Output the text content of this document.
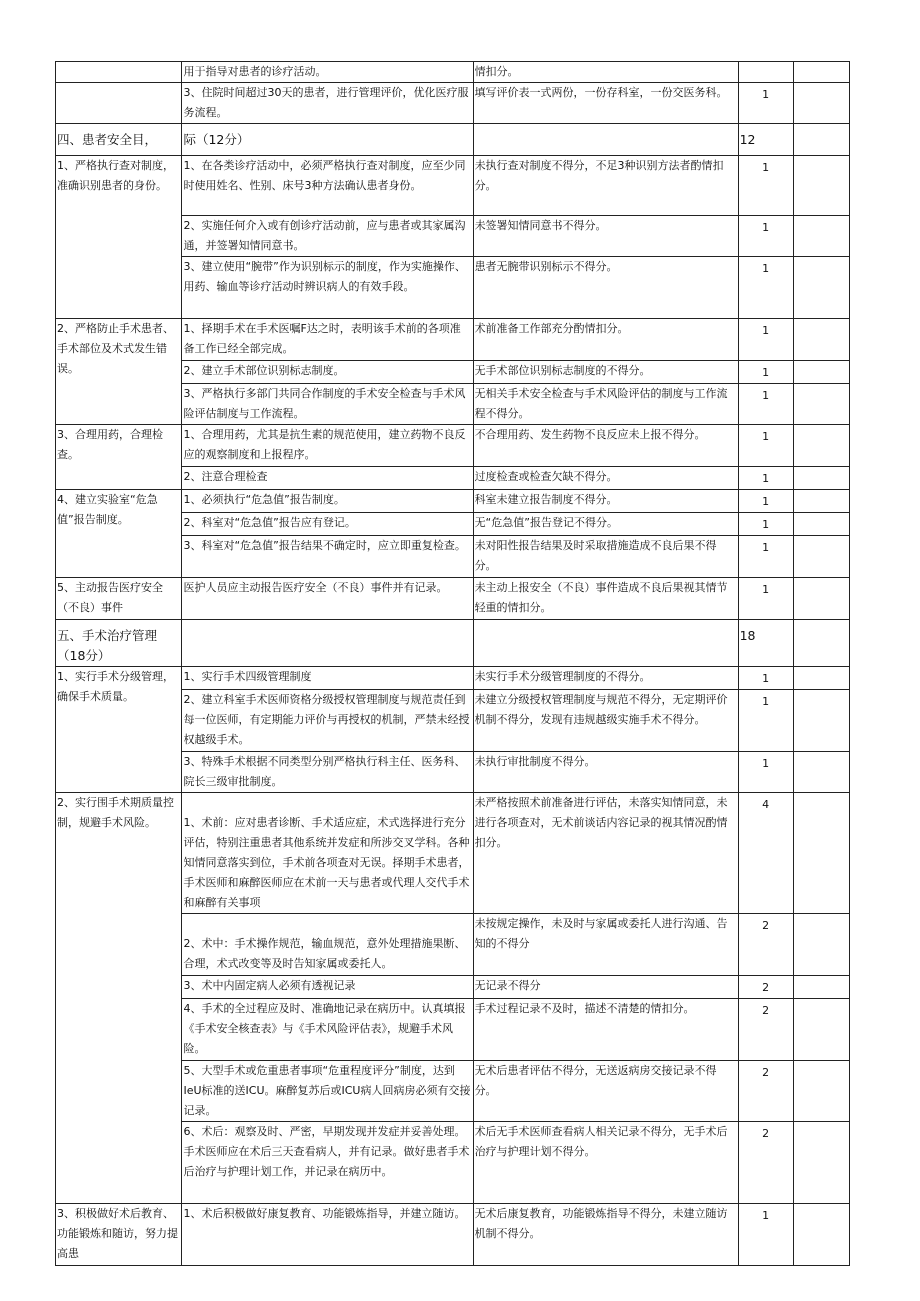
	用于指导对患者的诊疗活动。	情扣分。		
	3、住院时间超过30天的患者，进行管理评价，优化医疗服务流程。	填写评价表一式两份，一份存科室，一份交医务科。	1	
四、患者安全目，	际（12分）		12	
1、严格执行查对制度，准确识别患者的身份。	1、在各类诊疗活动中，必须严格执行查对制度，应至少同时使用姓名、性别、床号3种方法确认患者身份。	未执行查对制度不得分，不足3种识别方法者酌情扣分。	1	
	2、实施任何介入或有创诊疗活动前，应与患者或其家属沟通，并签署知情同意书。	未签署知情同意书不得分。	1	
	3、建立使用“腕带”作为识别标示的制度，作为实施操作、用药、输血等诊疗活动时辨识病人的有效手段。	患者无腕带识别标示不得分。	1	
2、严格防止手术患者、手术部位及术式发生错误。	1、择期手术在手术医嘱F达之时，表明该手术前的各项准备工作已经全部完成。	术前准备工作部充分酌情扣分。	1	
	2、建立手术部位识别标志制度。	无手术部位识别标志制度的不得分。	1	
	3、严格执行多部门共同合作制度的手术安全检查与手术风险评估制度与工作流程。	无相关手术安全检查与手术风险评估的制度与工作流程不得分。	1	
3、合理用药，合理检查。	1、合理用药，尤其是抗生素的规范使用，建立药物不良反应的观察制度和上报程序。	不合理用药、发生药物不良反应未上报不得分。	1	
	2、注意合理检查	过度检查或检查欠缺不得分。	1	
4、建立实验室“危急值”报告制度。	1、必须执行“危急值”报告制度。	科室未建立报告制度不得分。	1	
	2、科室对“危急值”报告应有登记。	无“危急值”报告登记不得分。	1	
	3、科室对“危急值”报告结果不确定时，应立即重复检查。	未对阳性报告结果及时采取措施造成不良后果不得分。	1	
5、主动报告医疗安全（不良）事件	医护人员应主动报告医疗安全（不良）事件并有记录。	未主动上报安全（不良）事件造成不良后果视其情节轻重的情扣分。	1	
五、手术治疗管理（18分）			18	
1、实行手术分级管理，确保手术质量。	1、实行手术四级管理制度	未实行手术分级管理制度的不得分。	1	
	2、建立科室手术医师资格分级授权管理制度与规范责任到每一位医师，有定期能力评价与再授权的机制，严禁未经授权越级手术。	未建立分级授权管理制度与规范不得分，无定期评价机制不得分，发现有违规越级实施手术不得分。	1	
	3、特殊手术根据不同类型分别严格执行科主任、医务科、院长三级审批制度。	未执行审批制度不得分。	1	
2、实行围手术期质量控制，规避手术风险。	1、术前：应对患者诊断、手术适应症，术式选择进行充分评估，特别注重患者其他系统并发症和所涉交叉学科。各种知情同意落实到位，手术前各项查对无误。择期手术患者，手术医师和麻醉医师应在术前一天与患者或代理人交代手术和麻醉有关事项	未严格按照术前准备进行评估，未落实知情同意，未进行各项查对，无术前谈话内容记录的视其情况酌情扣分。	4	
	2、术中：手术操作规范，输血规范，意外处理措施果断、合理，术式改变等及时告知家属或委托人。	未按规定操作，未及时与家属或委托人进行沟通、告知的不得分	2	
	3、术中内固定病人必须有透视记录	无记录不得分	2	
	4、手术的全过程应及时、准确地记录在病历中。认真填报《手术安全核查表》与《手术风险评估表》，规避手术风险。	手术过程记录不及时，描述不清楚的情扣分。	2	
	5、大型手术或危重患者事项“危重程度评分”制度，达到IeU标准的送ICU。麻醉复苏后或ICU病人回病房必须有交接记录。	无术后患者评估不得分，无送返病房交接记录不得分。	2	
	6、术后：观察及时、严密，早期发现并发症并妥善处理。手术医师应在术后三天查看病人，并有记录。做好患者手术后治疗与护理计划工作，并记录在病历中。	术后无手术医师查看病人相关记录不得分，无手术后治疗与护理计划不得分。	2	
3、积极做好术后教育、功能锻炼和随访，努力提高患	1、术后积极做好康复教育、功能锻炼指导，并建立随访。	无术后康复教育，功能锻炼指导不得分，未建立随访机制不得分。	1	
